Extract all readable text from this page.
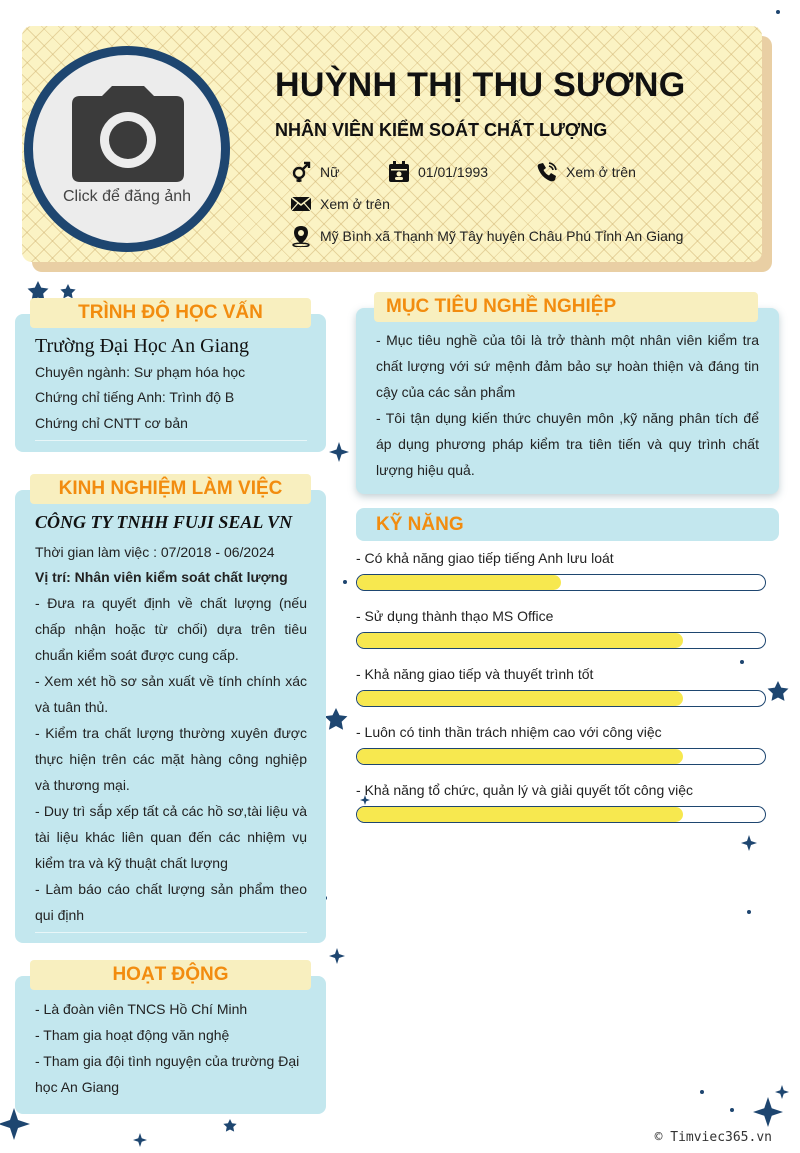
Click để đăng ảnh
HUỲNH THỊ THU SƯƠNG
NHÂN VIÊN KIỂM SOÁT CHẤT LƯỢNG
Nữ	01/01/1993	Xem ở trên
Xem ở trên
Mỹ Bình xã Thạnh Mỹ Tây huyện Châu Phú Tỉnh An Giang
TRÌNH ĐỘ HỌC VẤN
Trường Đại Học An Giang
Chuyên ngành: Sư phạm hóa học
Chứng chỉ tiếng Anh: Trình độ B
Chứng chỉ CNTT cơ bản
KINH NGHIỆM LÀM VIỆC
CÔNG TY TNHH FUJI SEAL VN
Thời gian làm việc : 07/2018 - 06/2024
Vị trí: Nhân viên kiểm soát chất lượng
- Đưa ra quyết định về chất lượng (nếu chấp nhận hoặc từ chối) dựa trên tiêu chuẩn kiểm soát được cung cấp.
- Xem xét hồ sơ sản xuất về tính chính xác và tuân thủ.
- Kiểm tra chất lượng thường xuyên được thực hiện trên các mặt hàng công nghiệp và thương mại.
- Duy trì sắp xếp tất cả các hồ sơ,tài liệu và tài liệu khác liên quan đến các nhiệm vụ kiểm tra và kỹ thuật chất lượng
- Làm báo cáo chất lượng sản phẩm theo qui định
HOẠT ĐỘNG
- Là đoàn viên TNCS Hồ Chí Minh
- Tham gia hoạt động văn nghệ
- Tham gia đội tình nguyện của trường Đại học An Giang
MỤC TIÊU NGHỀ NGHIỆP
- Mục tiêu nghề của tôi là trở thành một nhân viên kiểm tra chất lượng với sứ mệnh đảm bảo sự hoàn thiện và đáng tin cậy của các sản phẩm
- Tôi tận dụng kiến thức chuyên môn ,kỹ năng phân tích để áp dụng phương pháp kiểm tra tiên tiến và quy trình chất lượng hiệu quả.
KỸ NĂNG
- Có khả năng giao tiếp tiếng Anh lưu loát
- Sử dụng thành thạo MS Office
- Khả năng giao tiếp và thuyết trình tốt
- Luôn có tinh thần trách nhiệm cao với công việc
- Khả năng tổ chức, quản lý và giải quyết tốt công việc
© Timviec365.vn
